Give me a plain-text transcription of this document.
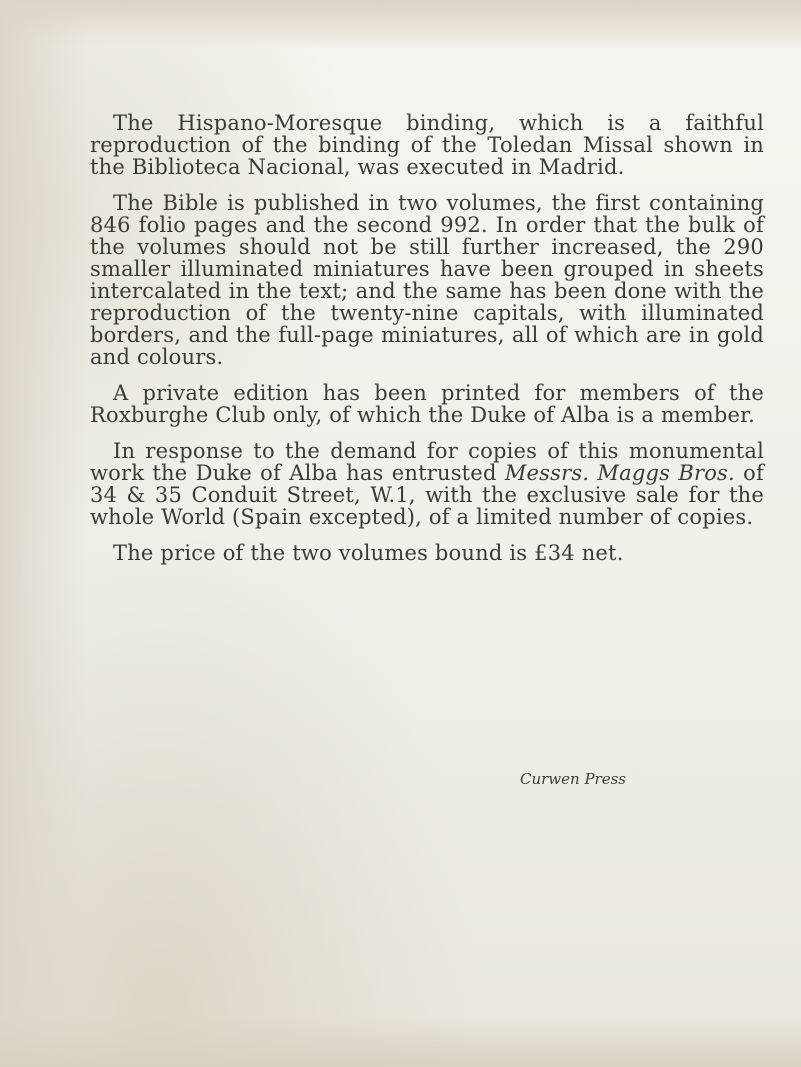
The Hispano-Moresque binding, which is a faithful reproduction of the binding of the Toledan Missal shown in the Biblioteca Nacional, was executed in Madrid.

The Bible is published in two volumes, the first containing 846 folio pages and the second 992. In order that the bulk of the volumes should not be still further increased, the 290 smaller illuminated miniatures have been grouped in sheets intercalated in the text; and the same has been done with the reproduction of the twenty-nine capitals, with illuminated borders, and the full-page miniatures, all of which are in gold and colours.

A private edition has been printed for members of the Roxburghe Club only, of which the Duke of Alba is a member.

In response to the demand for copies of this monumental work the Duke of Alba has entrusted Messrs. Maggs Bros. of 34 & 35 Conduit Street, W.1, with the exclusive sale for the whole World (Spain excepted), of a limited number of copies.

The price of the two volumes bound is £34 net.

Curwen Press
